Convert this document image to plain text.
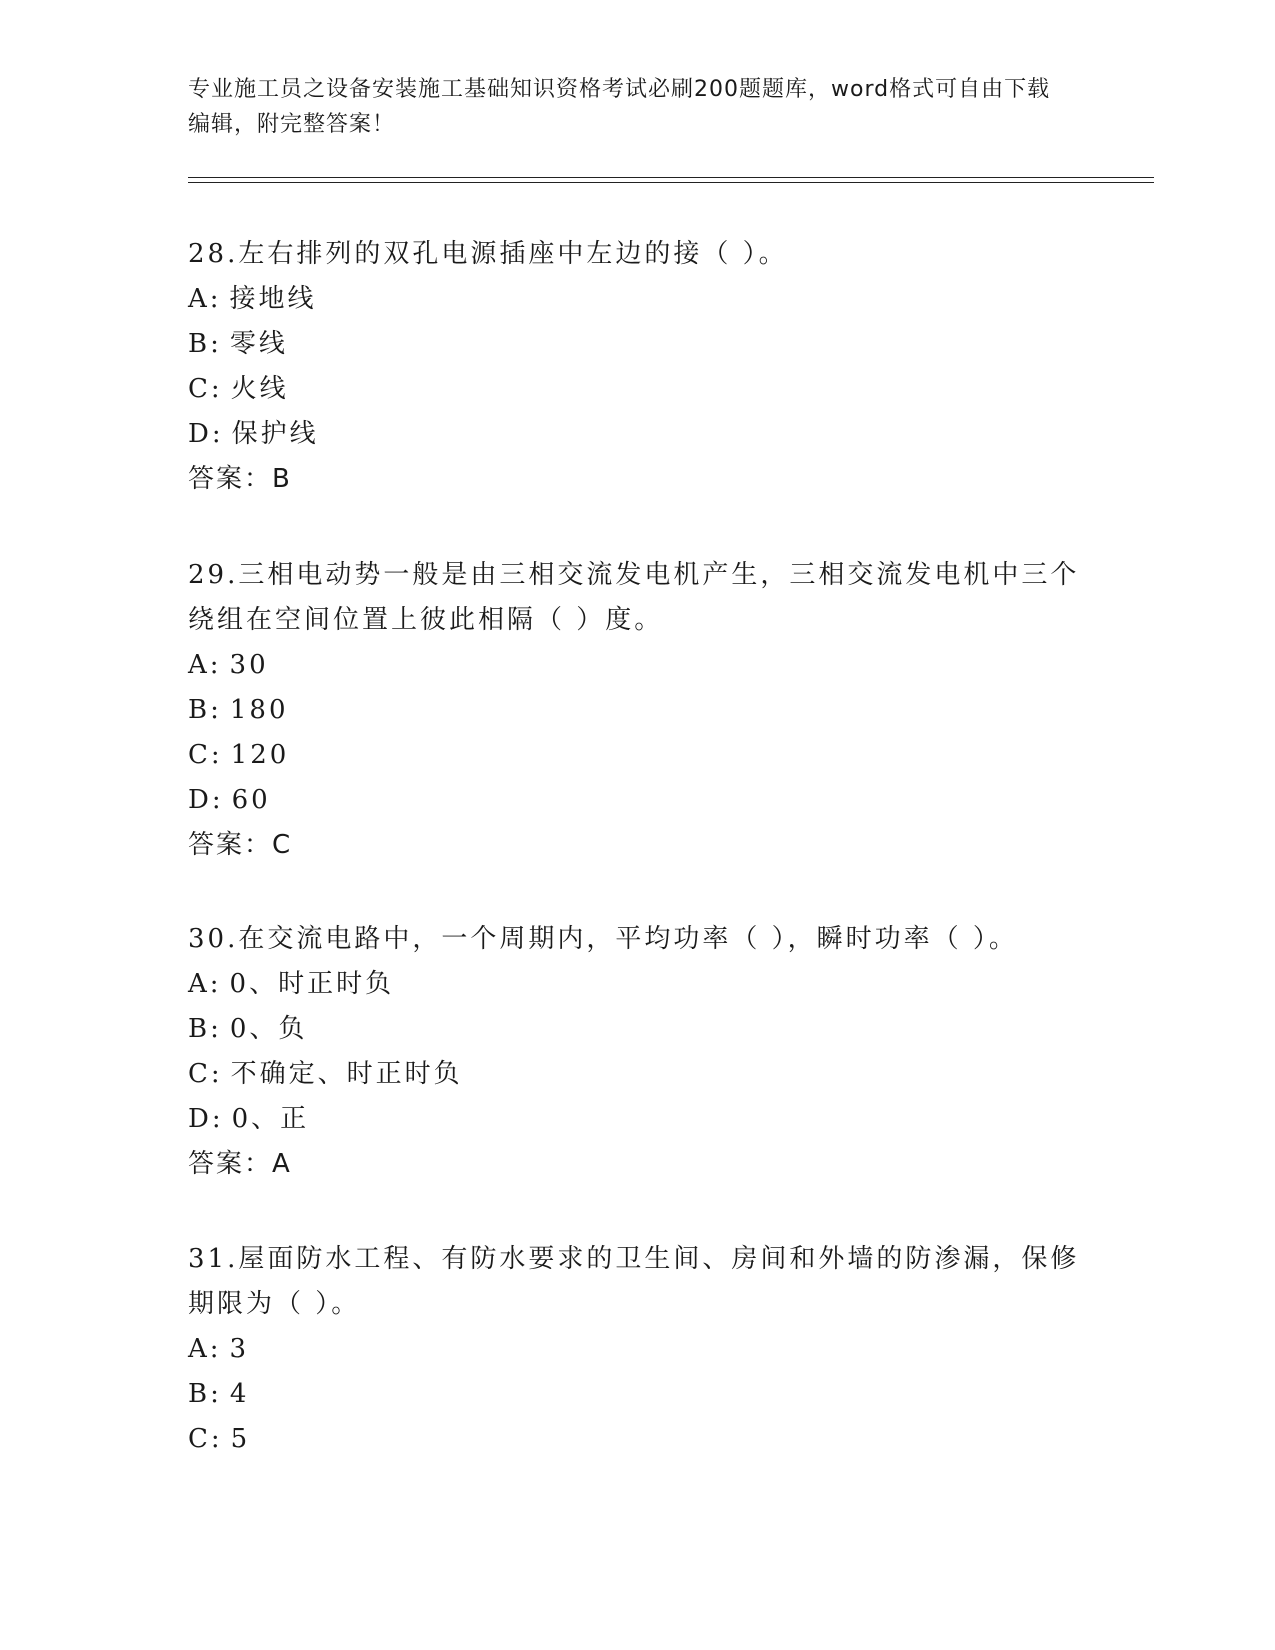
专业施工员之设备安装施工基础知识资格考试必刷200题题库，word格式可自由下载编辑，附完整答案！

28.左右排列的双孔电源插座中左边的接（ ）。

A: 接地线

B: 零线

C: 火线

D: 保护线

答案：B

29.三相电动势一般是由三相交流发电机产生，三相交流发电机中三个绕组在空间位置上彼此相隔（ ）度。

A: 30

B: 180

C: 120

D: 60

答案：C

30.在交流电路中，一个周期内，平均功率（ ），瞬时功率（ ）。

A: 0、时正时负

B: 0、负

C: 不确定、时正时负

D: 0、正

答案：A

31.屋面防水工程、有防水要求的卫生间、房间和外墙的防渗漏，保修期限为（ ）。

A: 3

B: 4

C: 5
